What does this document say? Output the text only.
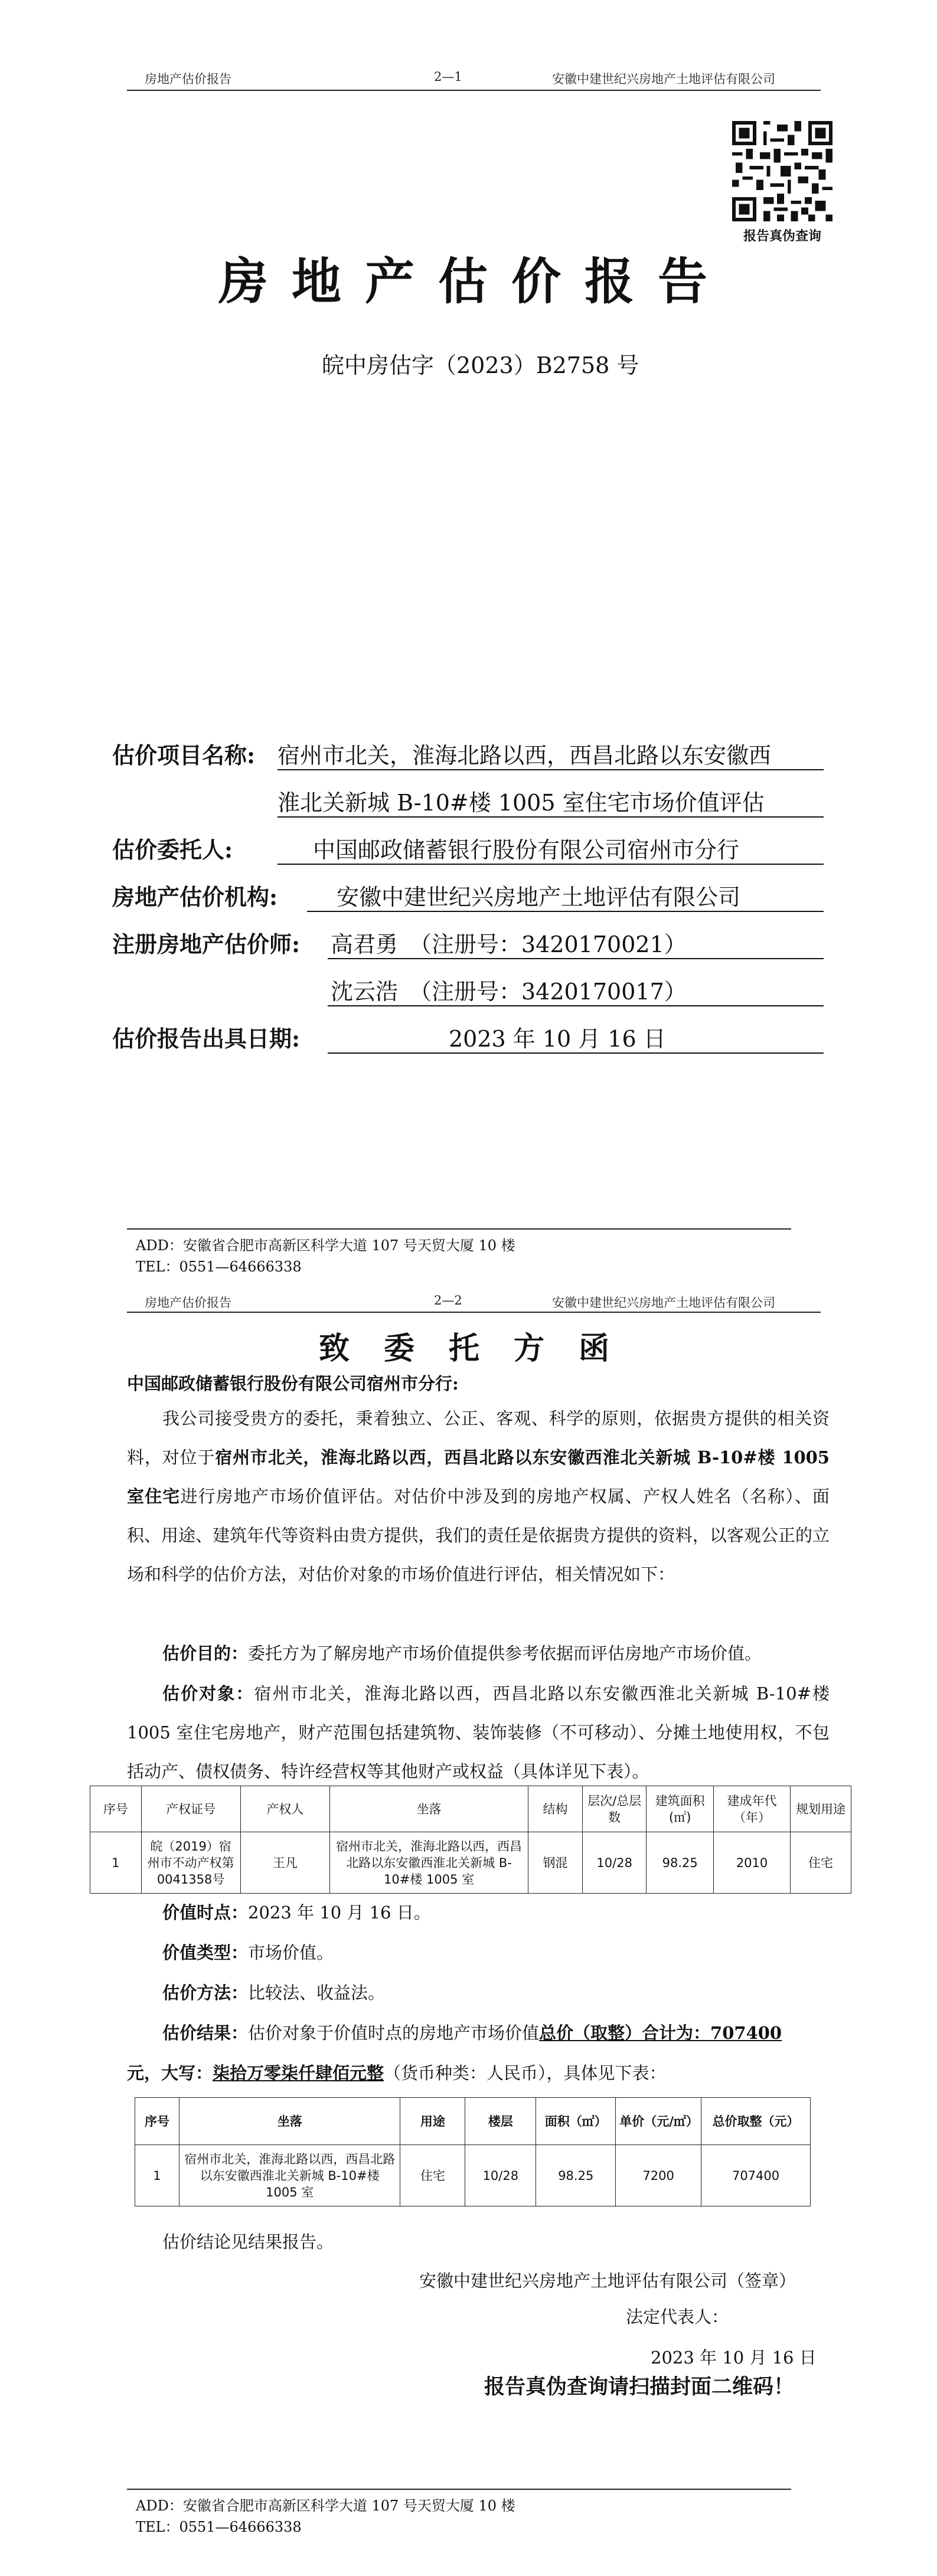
房地产估价报告	2—1	安徽中建世纪兴房地产土地评估有限公司
报告真伪查询
房地产估价报告
皖中房估字（2023）B2758 号
估价项目名称: 宿州市北关，淮海北路以西，西昌北路以东安徽西
淮北关新城 B-10#楼 1005 室住宅市场价值评估
估价委托人:	中国邮政储蓄银行股份有限公司宿州市分行
房地产估价机构:	安徽中建世纪兴房地产土地评估有限公司
注册房地产估价师: 高君勇　（注册号：3420170021）
沈云浩　（注册号：3420170017）
估价报告出具日期:	2023 年 10 月 16 日
ADD：安徽省合肥市高新区科学大道 107 号天贸大厦 10 楼
TEL：0551—64666338
房地产估价报告	2—2	安徽中建世纪兴房地产土地评估有限公司
致委托方函
中国邮政储蓄银行股份有限公司宿州市分行:
我公司接受贵方的委托，秉着独立、公正、客观、科学的原则，依据贵方提供的相关资料，对位于宿州市北关，淮海北路以西，西昌北路以东安徽西淮北关新城 B-10#楼 1005 室住宅进行房地产市场价值评估。对估价中涉及到的房地产权属、产权人姓名（名称）、面积、用途、建筑年代等资料由贵方提供，我们的责任是依据贵方提供的资料，以客观公正的立场和科学的估价方法，对估价对象的市场价值进行评估，相关情况如下：
估价目的：委托方为了解房地产市场价值提供参考依据而评估房地产市场价值。
估价对象：宿州市北关，淮海北路以西，西昌北路以东安徽西淮北关新城 B-10#楼 1005 室住宅房地产，财产范围包括建筑物、装饰装修（不可移动）、分摊土地使用权，不包括动产、债权债务、特许经营权等其他财产或权益（具体详见下表）。
序号	产权证号	产权人	坐落	结构	层次/总层数	建筑面积(㎡)	建成年代（年）	规划用途
1	皖（2019）宿州市不动产权第0041358号	王凡	宿州市北关，淮海北路以西，西昌北路以东安徽西淮北关新城 B-10#楼 1005 室	钢混	10/28	98.25	2010	住宅
价值时点：2023 年 10 月 16 日。
价值类型：市场价值。
估价方法：比较法、收益法。
估价结果：估价对象于价值时点的房地产市场价值总价（取整）合计为：707400
元，大写：柒拾万零柒仟肆佰元整（货币种类：人民币），具体见下表：
序号	坐落	用途	楼层	面积（㎡）	单价（元/㎡）	总价取整（元）
1	宿州市北关，淮海北路以西，西昌北路以东安徽西淮北关新城 B-10#楼 1005 室	住宅	10/28	98.25	7200	707400
估价结论见结果报告。
安徽中建世纪兴房地产土地评估有限公司（签章）
法定代表人：
2023 年 10 月 16 日
报告真伪查询请扫描封面二维码！
ADD：安徽省合肥市高新区科学大道 107 号天贸大厦 10 楼
TEL：0551—64666338
